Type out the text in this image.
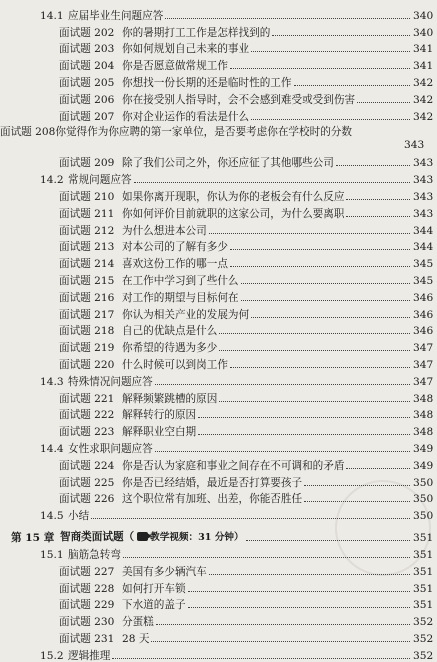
14.1 应届毕业生问题应答	340
面试题 202 你的暑期打工工作是怎样找到的	340
面试题 203 你如何规划自己未来的事业	341
面试题 204 你是否愿意做常规工作	341
面试题 205 你想找一份长期的还是临时性的工作	342
面试题 206 你在接受别人指导时，会不会感到难受或受到伤害	342
面试题 207 你对企业运作的看法是什么	342
面试题 208 你觉得作为你应聘的第一家单位，是否要考虑你在学校时的分数
343
面试题 209 除了我们公司之外，你还应征了其他哪些公司	343
14.2 常规问题应答	343
面试题 210 如果你离开现职，你认为你的老板会有什么反应	343
面试题 211 你如何评价目前就职的这家公司，为什么要离职	343
面试题 212 为什么想进本公司	344
面试题 213 对本公司的了解有多少	344
面试题 214 喜欢这份工作的哪一点	345
面试题 215 在工作中学习到了些什么	345
面试题 216 对工作的期望与目标何在	346
面试题 217 你认为相关产业的发展为何	346
面试题 218 自己的优缺点是什么	346
面试题 219 你希望的待遇为多少	347
面试题 220 什么时候可以到岗工作	347
14.3 特殊情况问题应答	347
面试题 221 解释频繁跳槽的原因	348
面试题 222 解释转行的原因	348
面试题 223 解释职业空白期	348
14.4 女性求职问题应答	349
面试题 224 你是否认为家庭和事业之间存在不可调和的矛盾	349
面试题 225 你是否已经结婚，最近是否打算要孩子	350
面试题 226 这个职位常有加班、出差，你能否胜任	350
14.5 小结	350
第 15 章 智商类面试题（ 教学视频：31 分钟）	351
15.1 脑筋急转弯	351
面试题 227 美国有多少辆汽车	351
面试题 228 如何打开车锁	351
面试题 229 下水道的盖子	351
面试题 230 分蛋糕	352
面试题 231 28 天	352
15.2 逻辑推理	352
